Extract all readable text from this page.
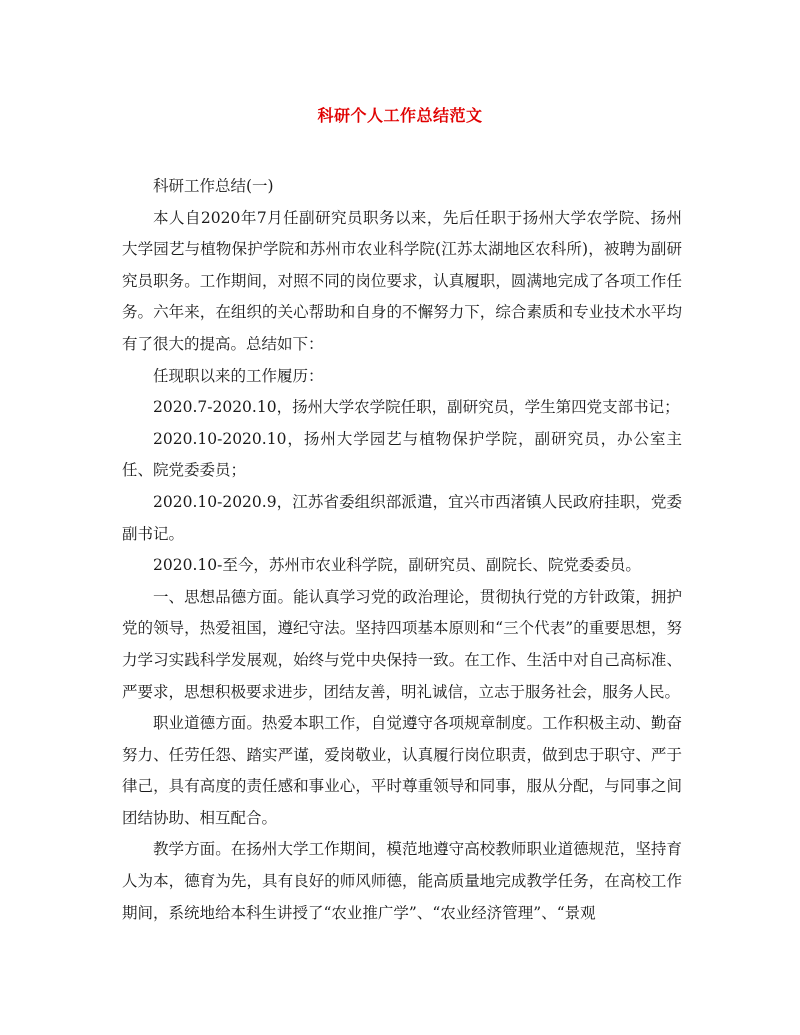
科研个人工作总结范文

科研工作总结(一)

本人自2020年7月任副研究员职务以来，先后任职于扬州大学农学院、扬州大学园艺与植物保护学院和苏州市农业科学院(江苏太湖地区农科所)，被聘为副研究员职务。工作期间，对照不同的岗位要求，认真履职，圆满地完成了各项工作任务。六年来，在组织的关心帮助和自身的不懈努力下，综合素质和专业技术水平均有了很大的提高。总结如下：

任现职以来的工作履历：

2020.7-2020.10，扬州大学农学院任职，副研究员，学生第四党支部书记；

2020.10-2020.10，扬州大学园艺与植物保护学院，副研究员，办公室主任、院党委委员；

2020.10-2020.9，江苏省委组织部派遣，宜兴市西渚镇人民政府挂职，党委副书记。

2020.10-至今，苏州市农业科学院，副研究员、副院长、院党委委员。

一、思想品德方面。能认真学习党的政治理论，贯彻执行党的方针政策，拥护党的领导，热爱祖国，遵纪守法。坚持四项基本原则和“三个代表”的重要思想，努力学习实践科学发展观，始终与党中央保持一致。在工作、生活中对自己高标准、严要求，思想积极要求进步，团结友善，明礼诚信，立志于服务社会，服务人民。

职业道德方面。热爱本职工作，自觉遵守各项规章制度。工作积极主动、勤奋努力、任劳任怨、踏实严谨，爱岗敬业，认真履行岗位职责，做到忠于职守、严于律己，具有高度的责任感和事业心，平时尊重领导和同事，服从分配，与同事之间团结协助、相互配合。

教学方面。在扬州大学工作期间，模范地遵守高校教师职业道德规范，坚持育人为本，德育为先，具有良好的师风师德，能高质量地完成教学任务，在高校工作期间，系统地给本科生讲授了“农业推广学”、“农业经济管理”、“景观
